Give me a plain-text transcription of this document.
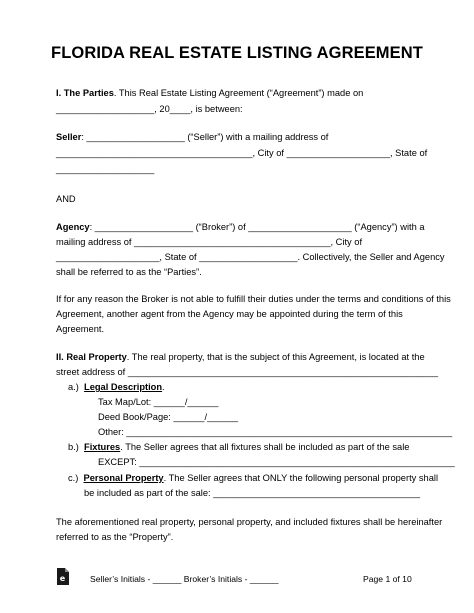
FLORIDA REAL ESTATE LISTING AGREEMENT
I. The Parties. This Real Estate Listing Agreement (“Agreement”) made on
___________________, 20____, is between:
Seller: ___________________ (“Seller”) with a mailing address of
______________________________________, City of ____________________, State of
___________________
AND
Agency: ___________________ (“Broker”) of ____________________ (“Agency”) with a
mailing address of ______________________________________, City of
____________________, State of ___________________. Collectively, the Seller and Agency
shall be referred to as the “Parties”.
If for any reason the Broker is not able to fulfill their duties under the terms and conditions of this
Agreement, another agent from the Agency may be appointed during the term of this
Agreement.
II. Real Property. The real property, that is the subject of this Agreement, is located at the
street address of ____________________________________________________________
a.) Legal Description.
Tax Map/Lot: ______/______
Deed Book/Page: ______/______
Other: _______________________________________________________________
b.) Fixtures. The Seller agrees that all fixtures shall be included as part of the sale
EXCEPT: _____________________________________________________________
c.) Personal Property. The Seller agrees that ONLY the following personal property shall
be included as part of the sale: ________________________________________
The aforementioned real property, personal property, and included fixtures shall be hereinafter
referred to as the “Property”.
e	Seller’s Initials - ______ Broker’s Initials - ______	Page 1 of 10
